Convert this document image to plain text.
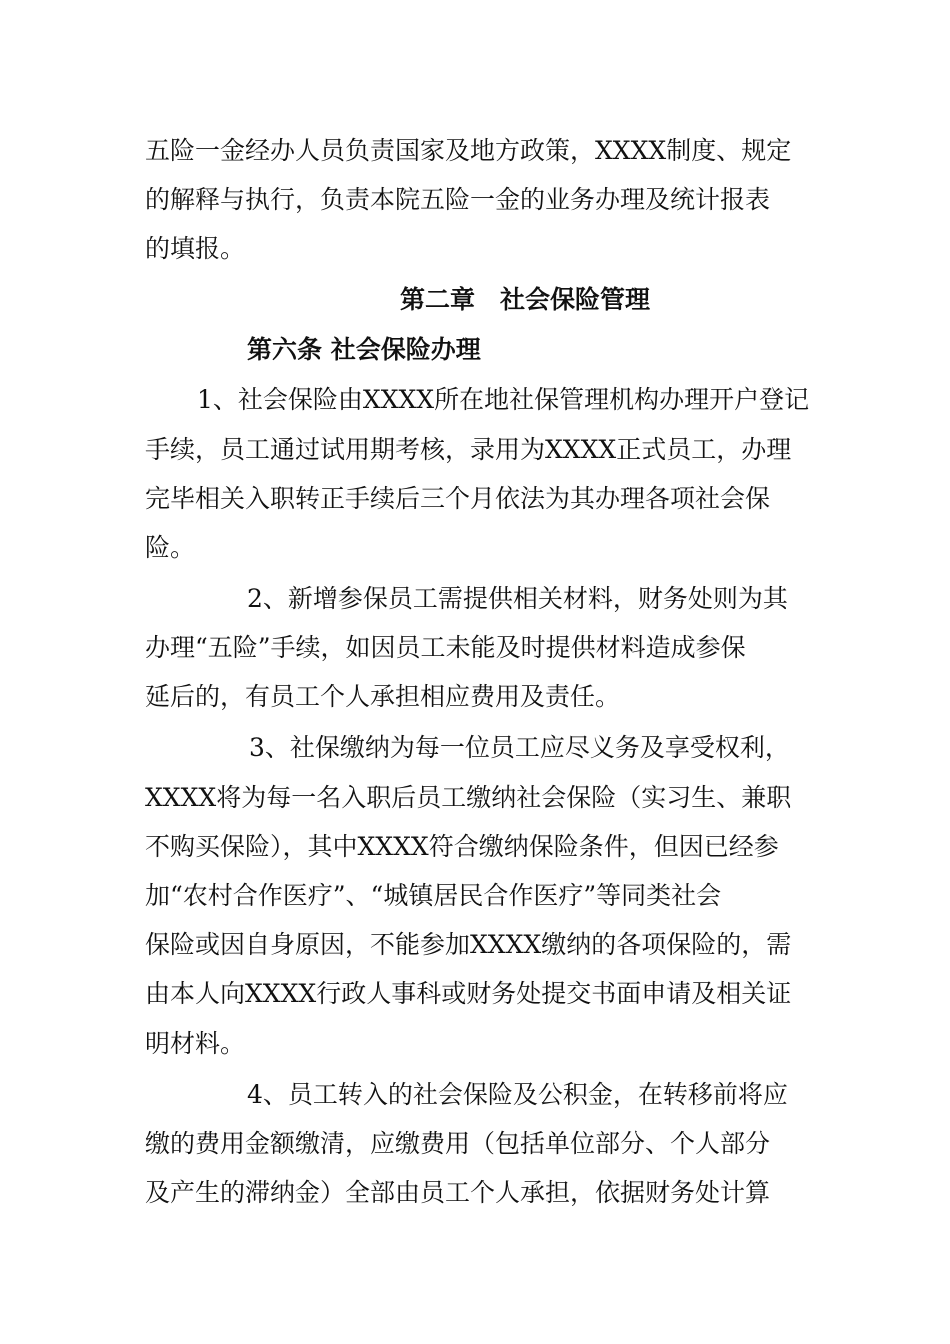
五险一金经办人员负责国家及地方政策，XXXX制度、规定
的解释与执行，负责本院五险一金的业务办理及统计报表
的填报。
第二章　社会保险管理
第六条 社会保险办理
1、社会保险由XXXX所在地社保管理机构办理开户登记
手续，员工通过试用期考核，录用为XXXX正式员工，办理
完毕相关入职转正手续后三个月依法为其办理各项社会保
险。
2、新增参保员工需提供相关材料，财务处则为其
办理“五险”手续，如因员工未能及时提供材料造成参保
延后的，有员工个人承担相应费用及责任。
3、社保缴纳为每一位员工应尽义务及享受权利，
XXXX将为每一名入职后员工缴纳社会保险（实习生、兼职
不购买保险），其中XXXX符合缴纳保险条件，但因已经参
加“农村合作医疗”、“城镇居民合作医疗”等同类社会
保险或因自身原因，不能参加XXXX缴纳的各项保险的，需
由本人向XXXX行政人事科或财务处提交书面申请及相关证
明材料。
4、员工转入的社会保险及公积金，在转移前将应
缴的费用金额缴清，应缴费用（包括单位部分、个人部分
及产生的滞纳金）全部由员工个人承担，依据财务处计算
